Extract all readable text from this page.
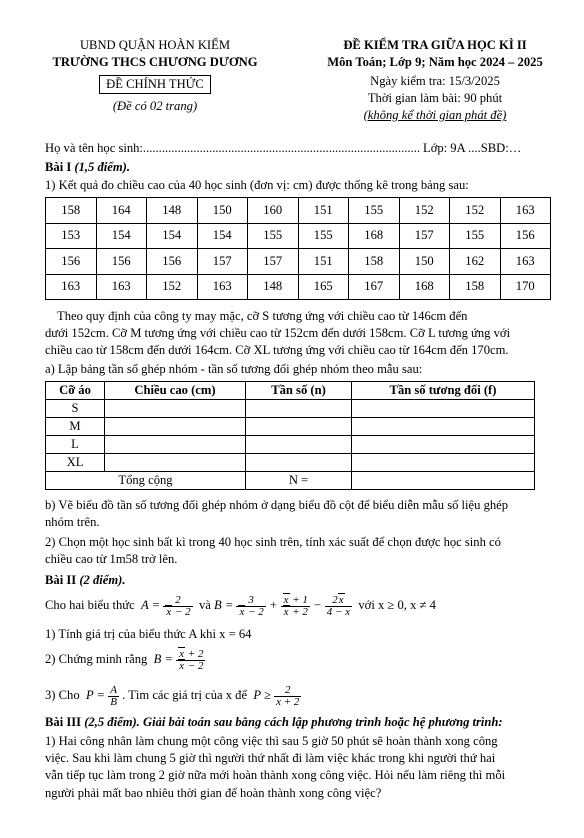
UBND QUẬN HOÀN KIẾM
TRƯỜNG THCS CHƯƠNG DƯƠNG
ĐỀ CHÍNH THỨC
(Đề có 02 trang)
ĐỀ KIỂM TRA GIỮA HỌC KÌ II
Môn Toán; Lớp 9; Năm học 2024 – 2025
Ngày kiểm tra: 15/3/2025
Thời gian làm bài: 90 phút
(không kể thời gian phát đề)
Họ và tên học sinh:........................................................................................ Lớp: 9A ....SBD:…
Bài I (1,5 điểm).
1) Kết quả đo chiều cao của 40 học sinh (đơn vị: cm) được thống kê trong bảng sau:
158	164	148	150	160	151	155	152	152	163
153	154	154	154	155	155	168	157	155	156
156	156	156	157	157	151	158	150	162	163
163	163	152	163	148	165	167	168	158	170
Theo quy định của công ty may mặc, cỡ S tương ứng với chiều cao từ 146cm đến
dưới 152cm. Cỡ M tương ứng với chiều cao từ 152cm đến dưới 158cm. Cỡ L tương ứng với
chiều cao từ 158cm đến dưới 164cm. Cỡ XL tương ứng với chiều cao từ 164cm đến 170cm.
a) Lập bảng tần số ghép nhóm - tần số tương đối ghép nhóm theo mẫu sau:
Cỡ áo	Chiều cao (cm)	Tần số (n)	Tần số tương đối (f)
S			
M			
L			
XL			
Tổng cộng		N =	
b) Vẽ biểu đồ tần số tương đối ghép nhóm ở dạng biểu đồ cột để biểu diễn mẫu số liệu ghép
nhóm trên.
2) Chọn một học sinh bất kì trong 40 học sinh trên, tính xác suất để chọn được học sinh có
chiều cao từ 1m58 trở lên.
Bài II (2 điểm).
Cho hai biểu thức  $A = \frac{2}{x - 2}$ và $B = \frac{3}{x - 2} + \frac{x + 1}{x + 2} - \frac{2x}{4 - x}$ với x ≥ 0, x ≠ 4
1) Tính giá trị của biểu thức A khi x = 64
2) Chứng minh rằng  $B = \frac{x + 2}{x - 2}$
3) Cho  $P = \frac{A}{B}$ . Tìm các giá trị của x để  $P \ge \frac{2}{x + 2}$
Bài III (2,5 điểm). Giải bài toán sau bằng cách lập phương trình hoặc hệ phương trình:
1) Hai công nhân làm chung một công việc thì sau 5 giờ 50 phút sẽ hoàn thành xong công
việc. Sau khi làm chung 5 giờ thì người thứ nhất đi làm việc khác trong khi người thứ hai
vẫn tiếp tục làm trong 2 giờ nữa mới hoàn thành xong công việc. Hỏi nếu làm riêng thì mỗi
người phải mất bao nhiêu thời gian để hoàn thành xong công việc?
